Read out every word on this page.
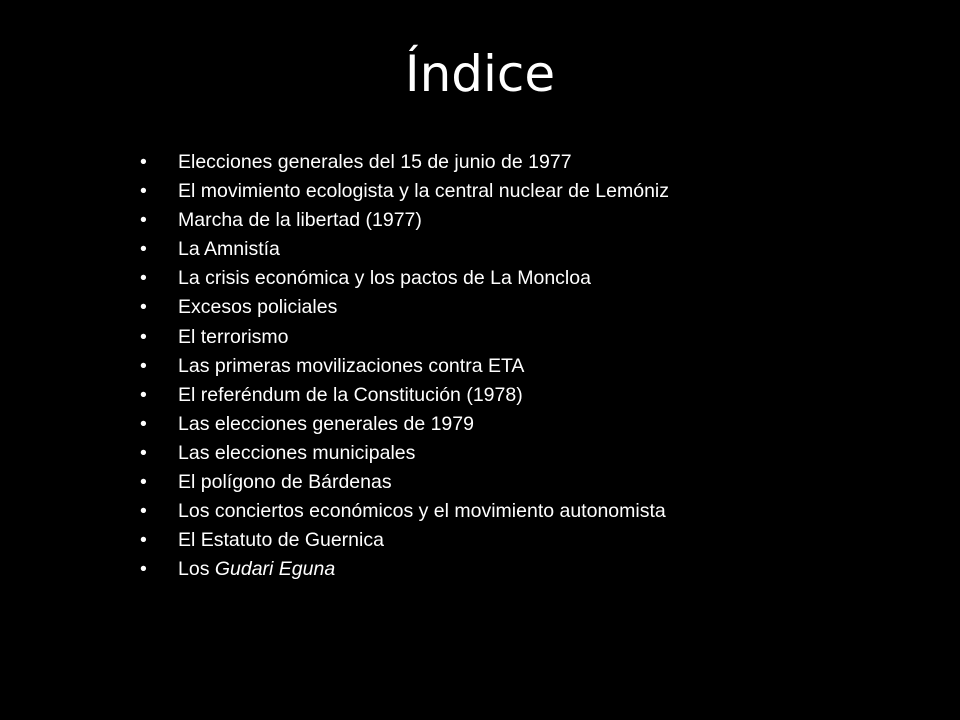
Índice
• Elecciones generales del 15 de junio de 1977
• El movimiento ecologista y la central nuclear de Lemóniz
• Marcha de la libertad (1977)
• La Amnistía
• La crisis económica y los pactos de La Moncloa
• Excesos policiales
• El terrorismo
• Las primeras movilizaciones contra ETA
• El referéndum de la Constitución (1978)
• Las elecciones generales de 1979
• Las elecciones municipales
• El polígono de Bárdenas
• Los conciertos económicos y el movimiento autonomista
• El Estatuto de Guernica
• Los Gudari Eguna
